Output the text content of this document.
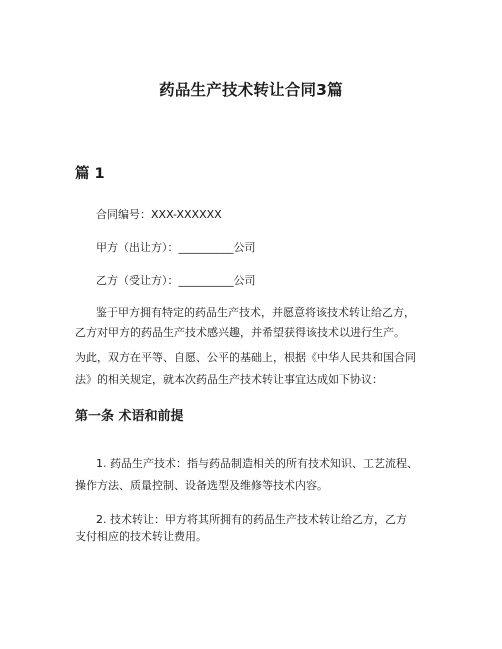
药品生产技术转让合同3篇
篇 1
合同编号：XXX-XXXXXX
甲方（出让方）：__________公司
乙方（受让方）：__________公司
鉴于甲方拥有特定的药品生产技术，并愿意将该技术转让给乙方，
乙方对甲方的药品生产技术感兴趣，并希望获得该技术以进行生产。
为此，双方在平等、自愿、公平的基础上，根据《中华人民共和国合同
法》的相关规定，就本次药品生产技术转让事宜达成如下协议：
第一条 术语和前提
1. 药品生产技术：指与药品制造相关的所有技术知识、工艺流程、
操作方法、质量控制、设备选型及维修等技术内容。
2. 技术转让：甲方将其所拥有的药品生产技术转让给乙方，乙方
支付相应的技术转让费用。
